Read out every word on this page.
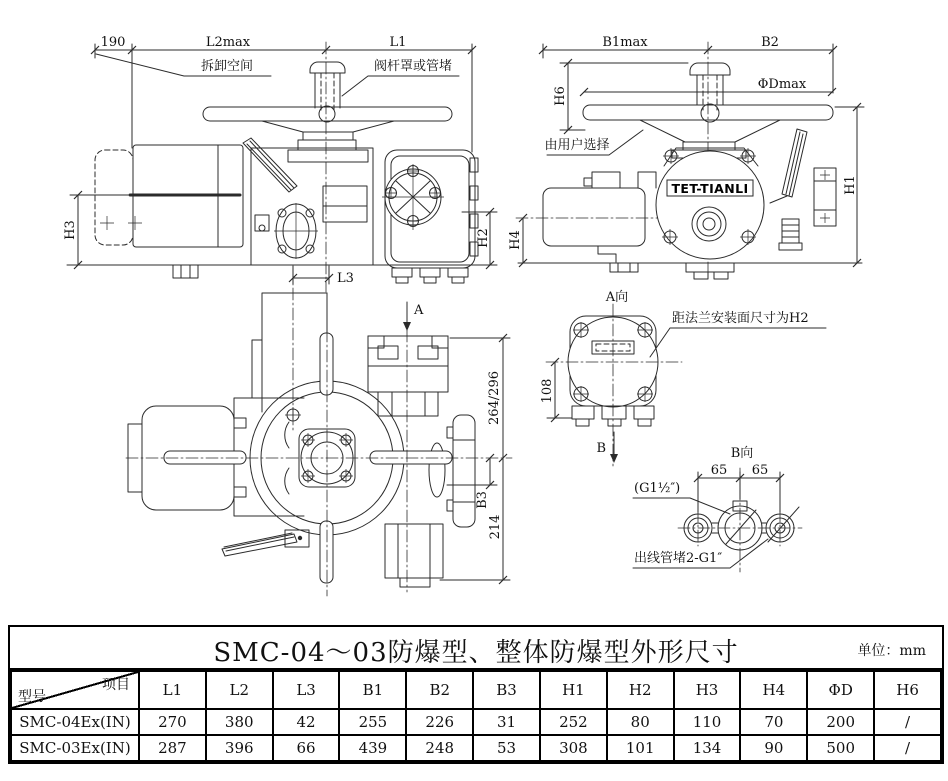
190	L2max	L1
拆卸空间	阀杆罩或管堵
H3	H2
L3
B1max	B2
H6
ΦDmax
由用户选择
TET-TIANLI
H4
H1
A
264/296
214
B3
A向
108
距法兰安装面尺寸为H2
B	B向
65 65
(G1½″)
出线管堵2-G1″
SMC-04～03防爆型、整体防爆型外形尺寸	单位：mm
项目
型号	L1	L2	L3	B1	B2	B3	H1	H2	H3	H4	ΦD	H6
SMC-04Ex(IN)	270	380	42	255	226	31	252	80	110	70	200	/
SMC-03Ex(IN)	287	396	66	439	248	53	308	101	134	90	500	/
